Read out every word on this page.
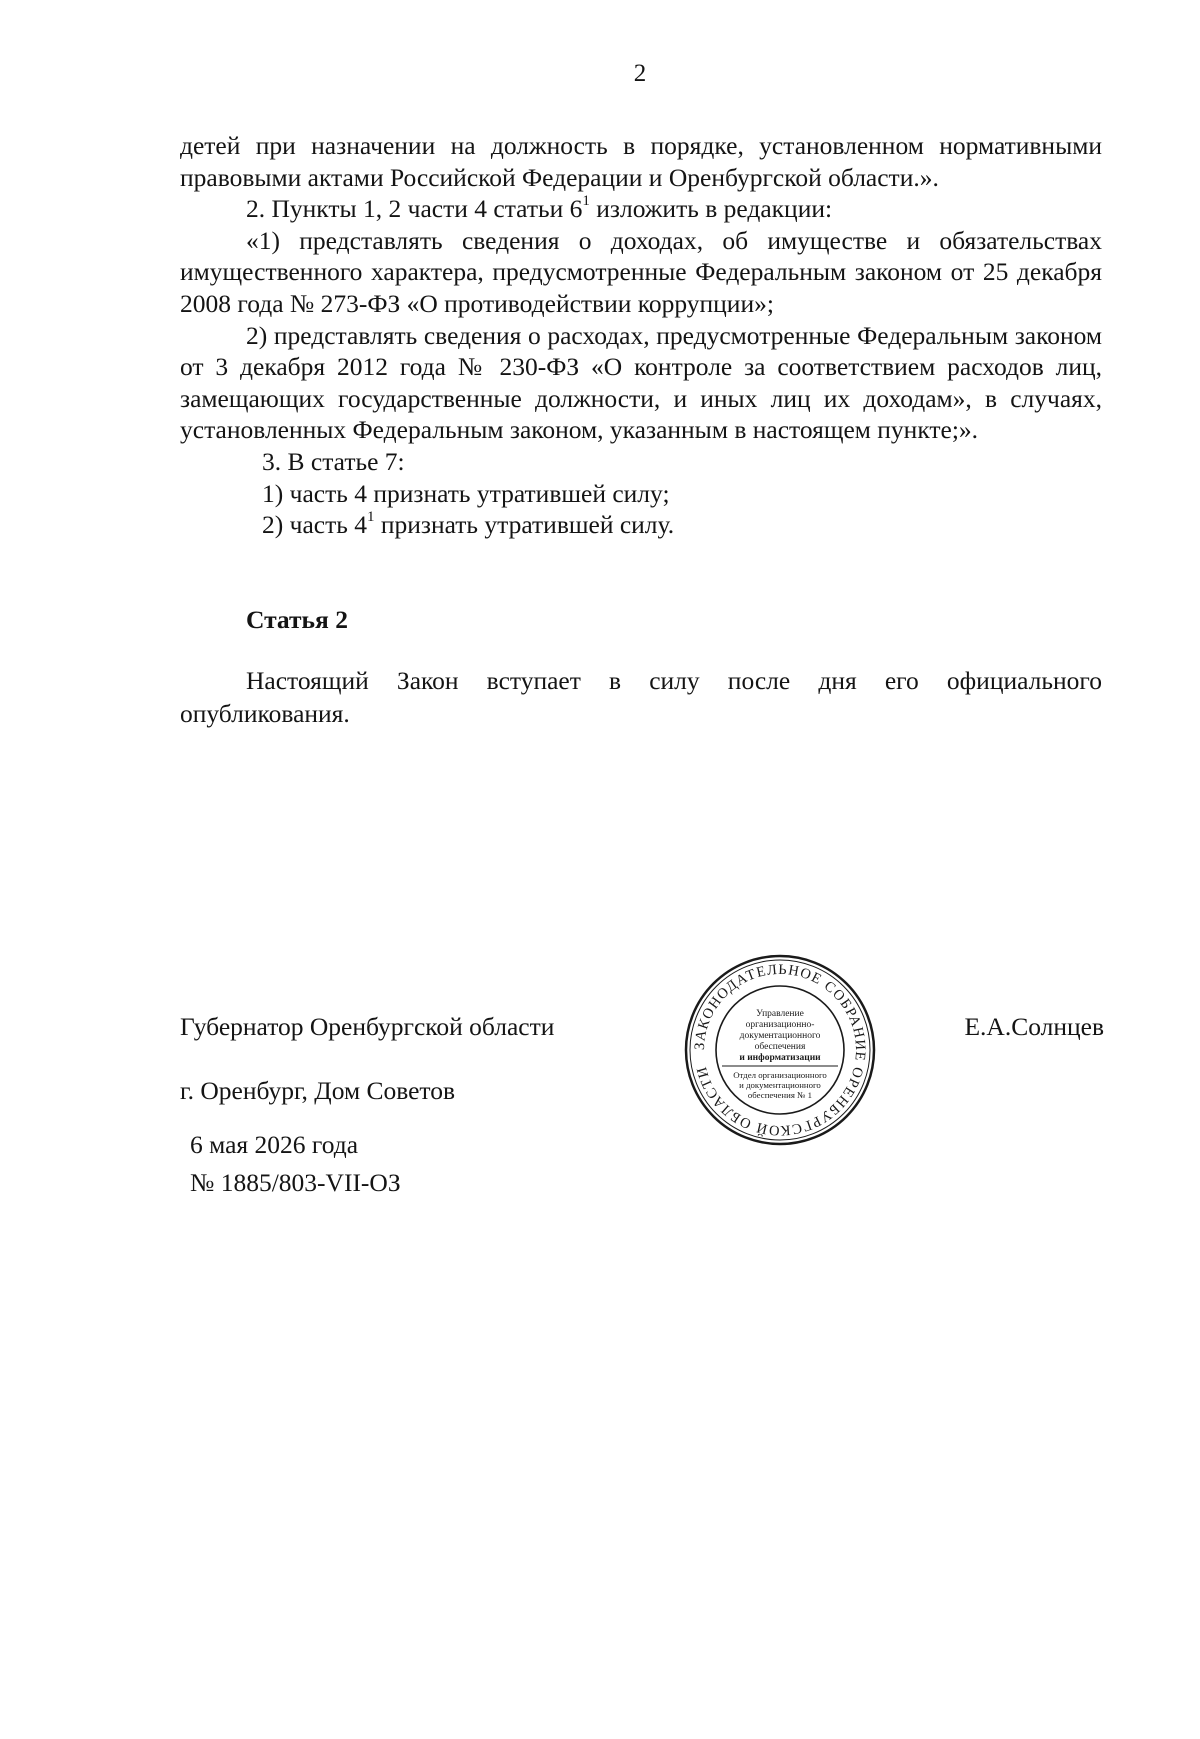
2

детей при назначении на должность в порядке, установленном нормативными правовыми актами Российской Федерации и Оренбургской области.».

2. Пункты 1, 2 части 4 статьи $6^1$ изложить в редакции:

«1) представлять сведения о доходах, об имуществе и обязательствах имущественного характера, предусмотренные Федеральным законом от 25 декабря 2008 года № 273-ФЗ «О противодействии коррупции»;

2) представлять сведения о расходах, предусмотренные Федеральным законом от 3 декабря 2012 года № 230-ФЗ «О контроле за соответствием расходов лиц, замещающих государственные должности, и иных лиц их доходам», в случаях, установленных Федеральным законом, указанным в настоящем пункте;».

3. В статье 7:

1) часть 4 признать утратившей силу;

2) часть $4^1$ признать утратившей силу.

Статья 2
Настоящий Закон вступает в силу после дня его официального опубликования.
Губернатор Оренбургской области	Е.А.Солнцев
г. Оренбург, Дом Советов
6 мая 2026 года
№ 1885/803-VII-ОЗ
ЗАКОНОДАТЕЛЬНОЕ СОБРАНИЕ ОРЕНБУРГСКОЙ ОБЛАСТИ
Управление
организационно-
документационного
обеспечения
и информатизации
Отдел организационного
и документационного
обеспечения № 1
